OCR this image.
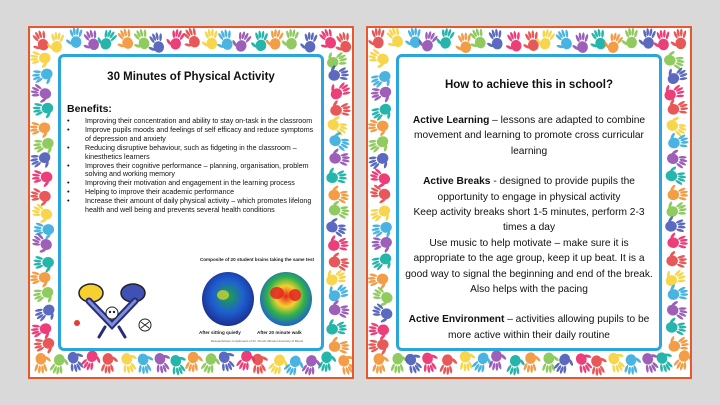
30 Minutes of Physical Activity
Benefits:
• Improving their concentration and ability to stay on-task in the classroom
• Improve pupils moods and feelings of self efficacy and reduce symptoms of depression and anxiety
• Reducing disruptive behaviour, such as fidgeting in the classroom – kinesthetics learners
• Improves their cognitive performance – planning, organisation, problem solving and working memory
• Improving their motivation and engagement in the learning process
• Helping to improve their academic performance
• Increase their amount of daily physical activity – which promotes lifelong health and well being and prevents several health conditions
Composite of 20 student brains taking the same test
After sitting quietly	After 20 minute walk
Research/scan compliments of Dr. Chuck Hillman University of Illinois
How to achieve this in school?

Active Learning – lessons are adapted to combine movement and learning to promote cross curricular learning

Active Breaks - designed to provide pupils the opportunity to engage in physical activity

Keep activity breaks short 1-5 minutes, perform 2-3 times a day

Use music to help motivate – make sure it is appropriate to the age group, keep it up beat. It is a good way to signal the beginning and end of the break. Also helps with the pacing

Active Environment – activities allowing pupils to be more active within their daily routine
